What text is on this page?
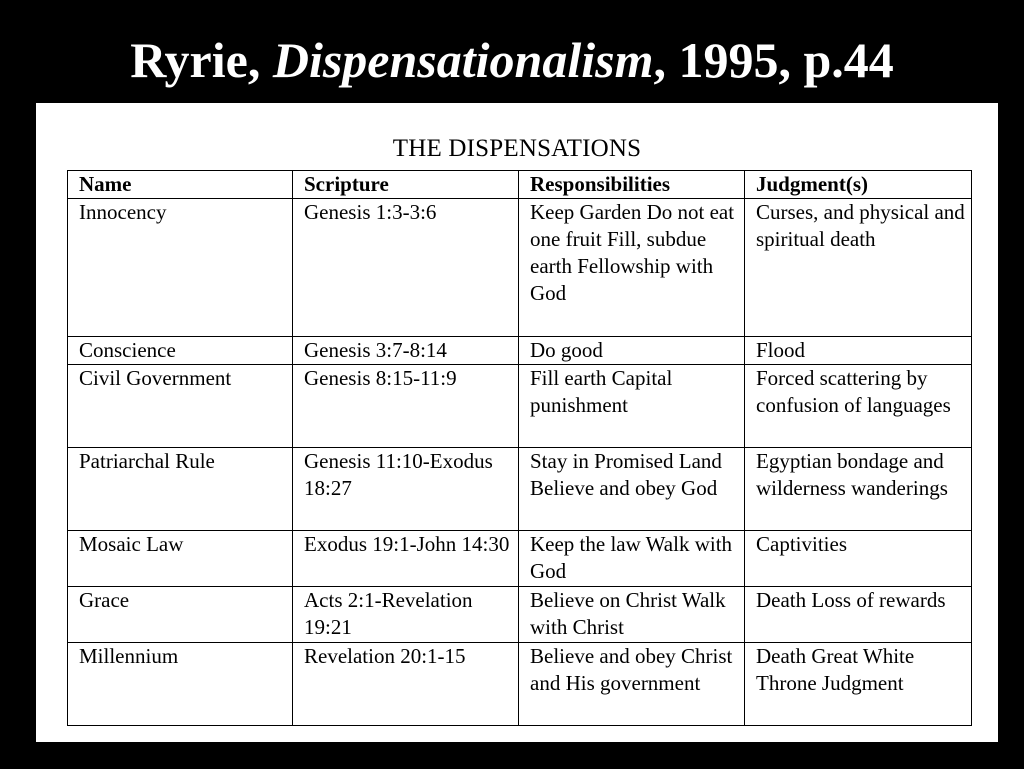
Ryrie, Dispensationalism, 1995, p.44
THE DISPENSATIONS
Name	Scripture	Responsibilities	Judgment(s)
Innocency	Genesis 1:3-3:6	Keep Garden Do not eat one fruit Fill, subdue earth Fellowship with God	Curses, and physical and spiritual death
Conscience	Genesis 3:7-8:14	Do good	Flood
Civil Government	Genesis 8:15-11:9	Fill earth Capital punishment	Forced scattering by confusion of languages
Patriarchal Rule	Genesis 11:10-Exodus 18:27	Stay in Promised Land Believe and obey God	Egyptian bondage and wilderness wanderings
Mosaic Law	Exodus 19:1-John 14:30	Keep the law Walk with God	Captivities
Grace	Acts 2:1-Revelation 19:21	Believe on Christ Walk with Christ	Death Loss of rewards
Millennium	Revelation 20:1-15	Believe and obey Christ and His government	Death Great White Throne Judgment
